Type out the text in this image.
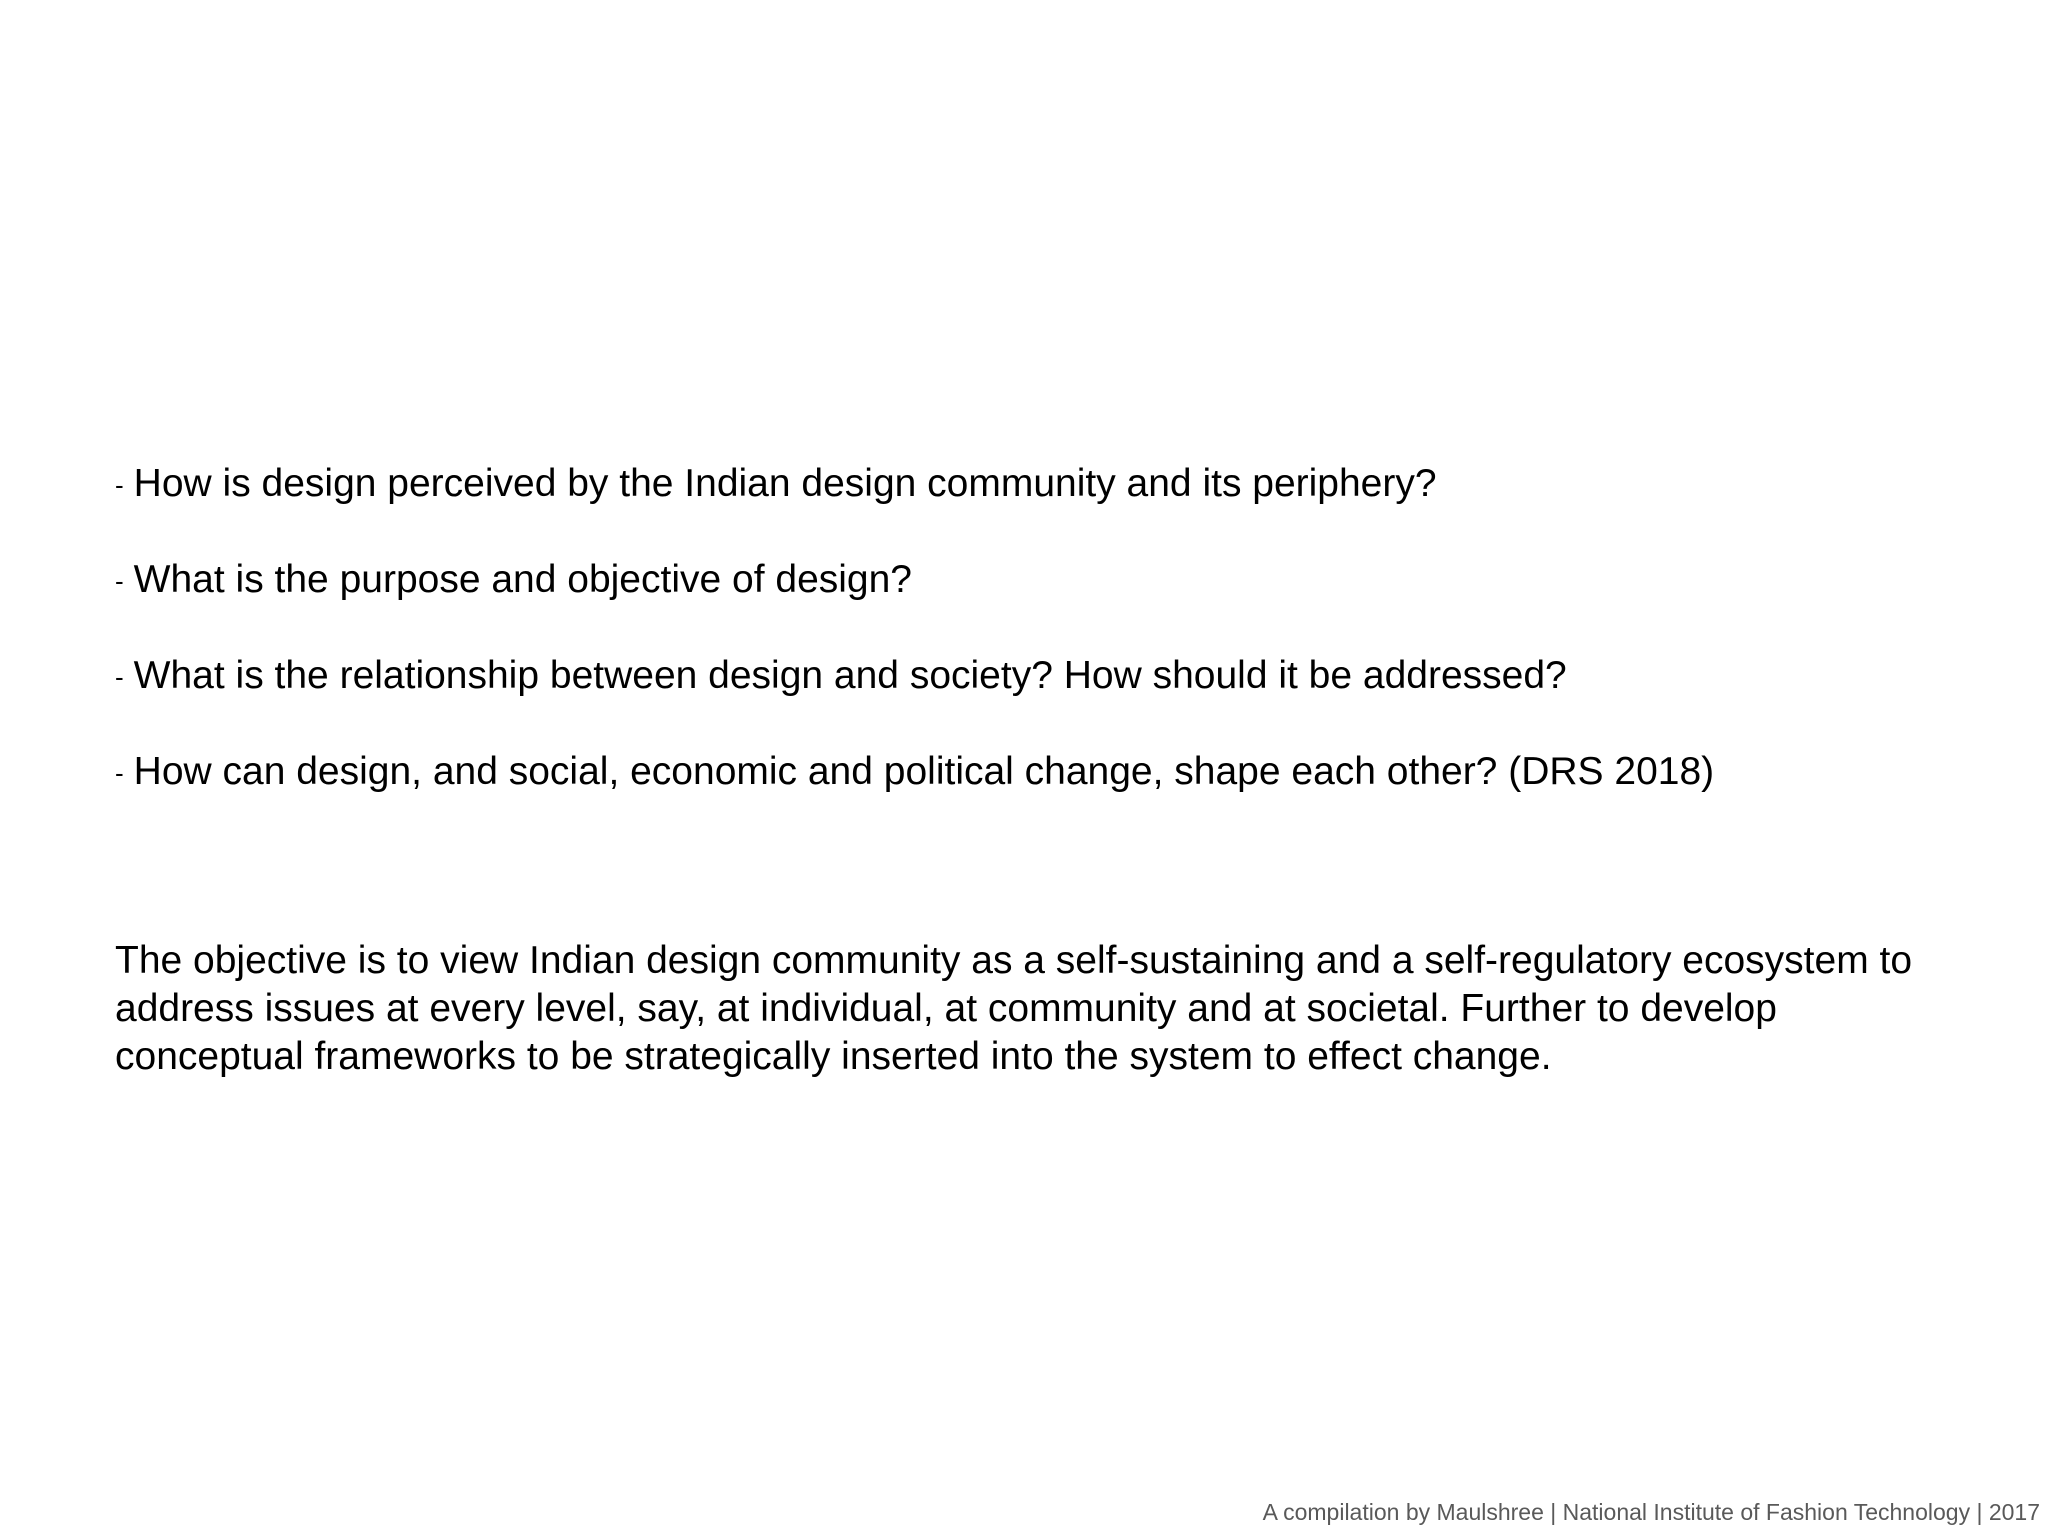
- How is design perceived by the Indian design community and its periphery?
- What is the purpose and objective of design?
- What is the relationship between design and society? How should it be addressed?
- How can design, and social, economic and political change, shape each other? (DRS 2018)

The objective is to view Indian design community as a self-sustaining and a self-regulatory ecosystem to address issues at every level, say, at individual, at community and at societal. Further to develop conceptual frameworks to be strategically inserted into the system to effect change.

A compilation by Maulshree | National Institute of Fashion Technology | 2017
